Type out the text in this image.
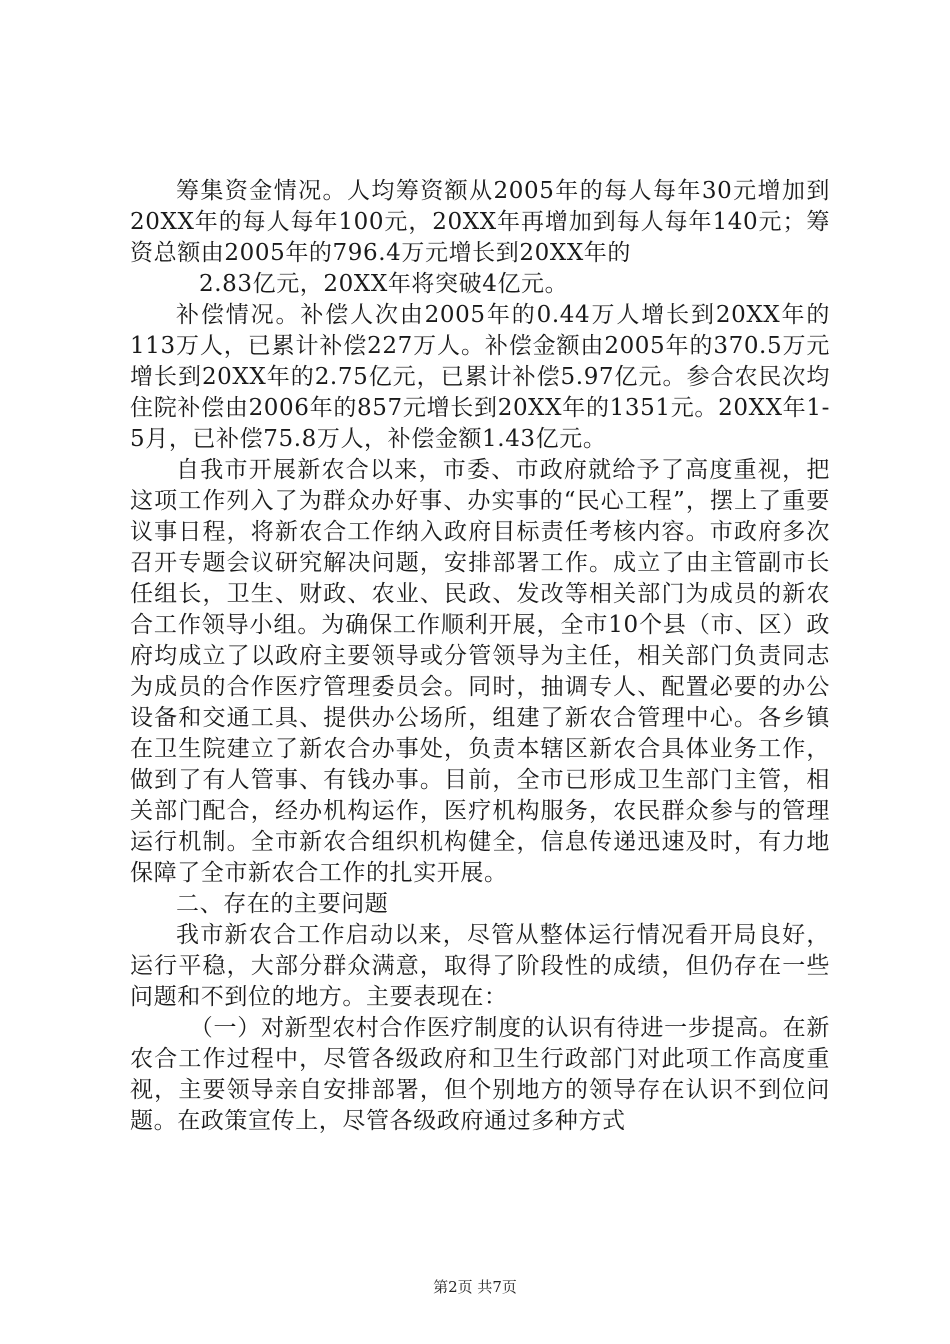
筹集资金情况。人均筹资额从2005年的每人每年30元增加到20XX年的每人每年100元，20XX年再增加到每人每年140元；筹资总额由2005年的796.4万元增长到20XX年的

2.83亿元，20XX年将突破4亿元。

补偿情况。补偿人次由2005年的0.44万人增长到20XX年的113万人，已累计补偿227万人。补偿金额由2005年的370.5万元增长到20XX年的2.75亿元，已累计补偿5.97亿元。参合农民次均住院补偿由2006年的857元增长到20XX年的1351元。20XX年1-5月，已补偿75.8万人，补偿金额1.43亿元。

自我市开展新农合以来，市委、市政府就给予了高度重视，把这项工作列入了为群众办好事、办实事的“民心工程”，摆上了重要议事日程，将新农合工作纳入政府目标责任考核内容。市政府多次召开专题会议研究解决问题，安排部署工作。成立了由主管副市长任组长，卫生、财政、农业、民政、发改等相关部门为成员的新农合工作领导小组。为确保工作顺利开展，全市10个县（市、区）政府均成立了以政府主要领导或分管领导为主任，相关部门负责同志为成员的合作医疗管理委员会。同时，抽调专人、配置必要的办公设备和交通工具、提供办公场所，组建了新农合管理中心。各乡镇在卫生院建立了新农合办事处，负责本辖区新农合具体业务工作，做到了有人管事、有钱办事。目前，全市已形成卫生部门主管，相关部门配合，经办机构运作，医疗机构服务，农民群众参与的管理运行机制。全市新农合组织机构健全，信息传递迅速及时，有力地保障了全市新农合工作的扎实开展。

二、存在的主要问题

我市新农合工作启动以来，尽管从整体运行情况看开局良好，运行平稳，大部分群众满意，取得了阶段性的成绩，但仍存在一些问题和不到位的地方。主要表现在：

（一）对新型农村合作医疗制度的认识有待进一步提高。在新农合工作过程中，尽管各级政府和卫生行政部门对此项工作高度重视，主要领导亲自安排部署，但个别地方的领导存在认识不到位问题。在政策宣传上，尽管各级政府通过多种方式

第2页 共7页
